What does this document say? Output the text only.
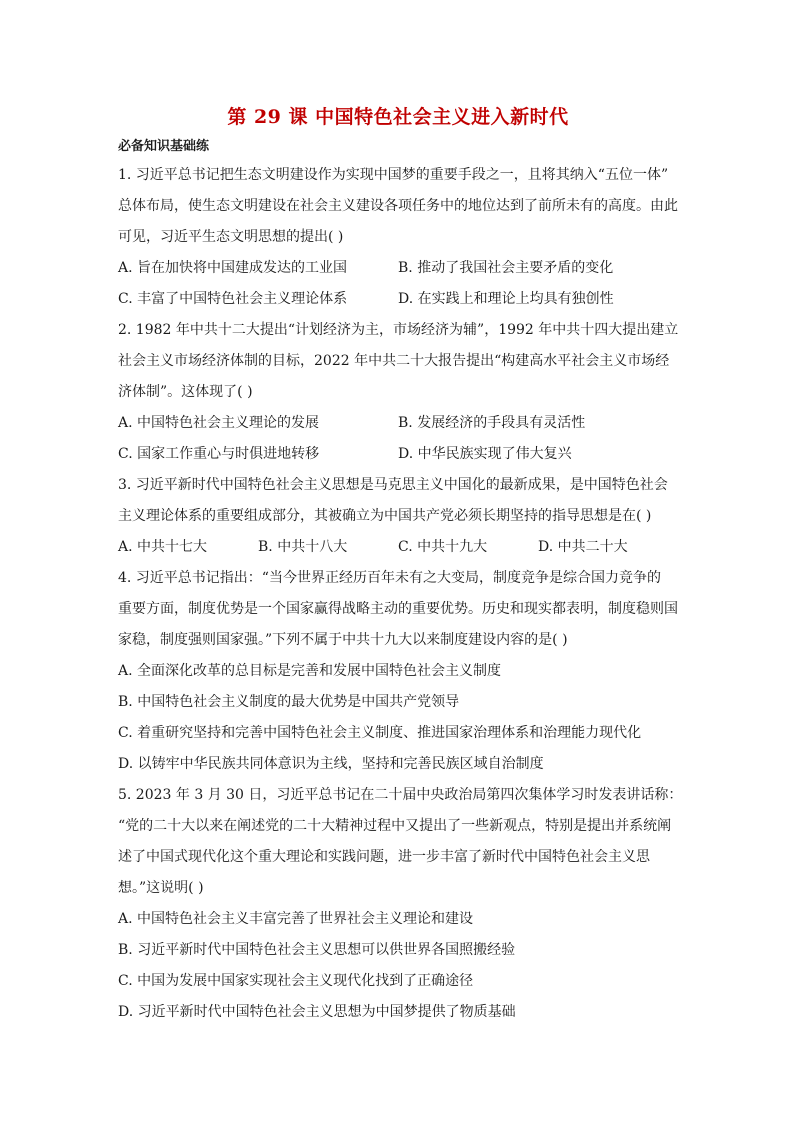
第 29 课 中国特色社会主义进入新时代
必备知识基础练
1. 习近平总书记把生态文明建设作为实现中国梦的重要手段之一，且将其纳入“五位一体”
总体布局，使生态文明建设在社会主义建设各项任务中的地位达到了前所未有的高度。由此
可见，习近平生态文明思想的提出( )
A. 旨在加快将中国建成发达的工业国	B. 推动了我国社会主要矛盾的变化
C. 丰富了中国特色社会主义理论体系	D. 在实践上和理论上均具有独创性
2. 1982 年中共十二大提出“计划经济为主，市场经济为辅”，1992 年中共十四大提出建立
社会主义市场经济体制的目标，2022 年中共二十大报告提出“构建高水平社会主义市场经
济体制”。这体现了( )
A. 中国特色社会主义理论的发展	B. 发展经济的手段具有灵活性
C. 国家工作重心与时俱进地转移	D. 中华民族实现了伟大复兴
3. 习近平新时代中国特色社会主义思想是马克思主义中国化的最新成果，是中国特色社会
主义理论体系的重要组成部分，其被确立为中国共产党必须长期坚持的指导思想是在( )
A. 中共十七大	B. 中共十八大	C. 中共十九大	D. 中共二十大
4. 习近平总书记指出：“当今世界正经历百年未有之大变局，制度竞争是综合国力竞争的
重要方面，制度优势是一个国家赢得战略主动的重要优势。历史和现实都表明，制度稳则国
家稳，制度强则国家强。”下列不属于中共十九大以来制度建设内容的是( )
A. 全面深化改革的总目标是完善和发展中国特色社会主义制度
B. 中国特色社会主义制度的最大优势是中国共产党领导
C. 着重研究坚持和完善中国特色社会主义制度、推进国家治理体系和治理能力现代化
D. 以铸牢中华民族共同体意识为主线，坚持和完善民族区域自治制度
5. 2023 年 3 月 30 日，习近平总书记在二十届中央政治局第四次集体学习时发表讲话称：
“党的二十大以来在阐述党的二十大精神过程中又提出了一些新观点，特别是提出并系统阐
述了中国式现代化这个重大理论和实践问题，进一步丰富了新时代中国特色社会主义思
想。”这说明( )
A. 中国特色社会主义丰富完善了世界社会主义理论和建设
B. 习近平新时代中国特色社会主义思想可以供世界各国照搬经验
C. 中国为发展中国家实现社会主义现代化找到了正确途径
D. 习近平新时代中国特色社会主义思想为中国梦提供了物质基础
